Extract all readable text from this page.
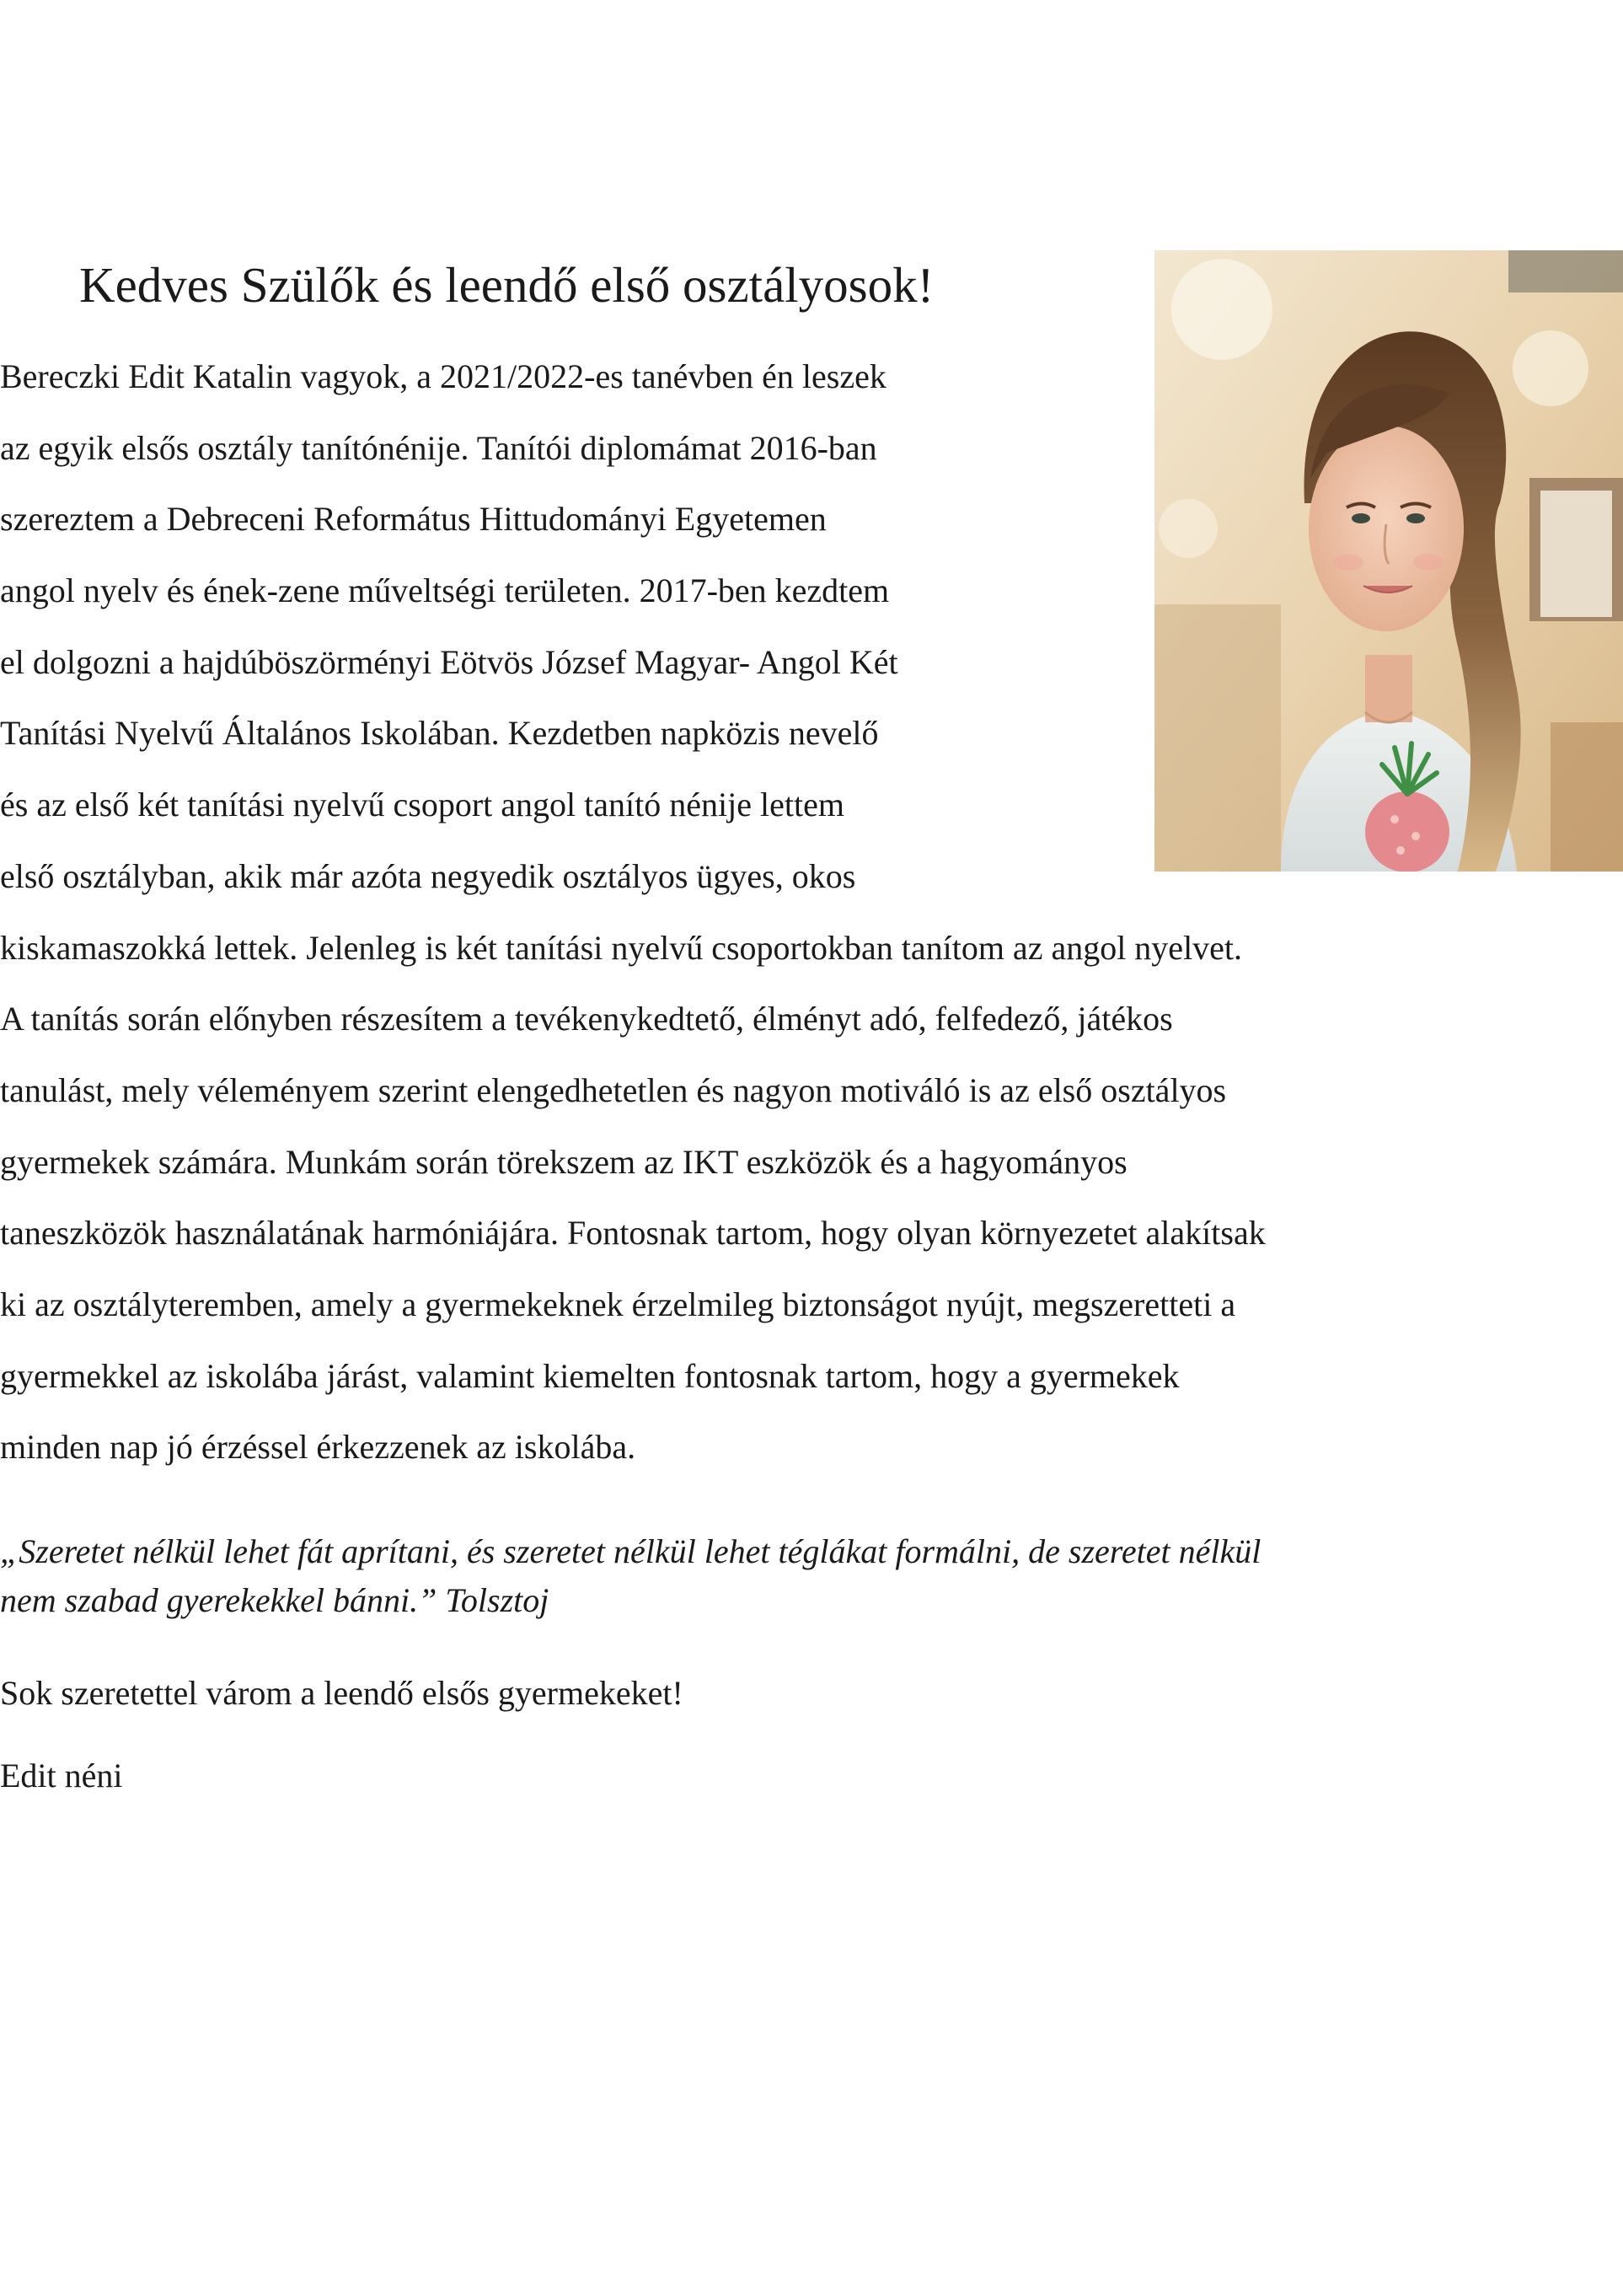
Kedves Szülők és leendő első osztályosok!
Bereczki Edit Katalin vagyok, a 2021/2022-es tanévben én leszek
az egyik elsős osztály tanítónénije. Tanítói diplomámat 2016-ban
szereztem a Debreceni Református Hittudományi Egyetemen
angol nyelv és ének-zene műveltségi területen. 2017-ben kezdtem
el dolgozni a hajdúböszörményi Eötvös József Magyar- Angol Két
Tanítási Nyelvű Általános Iskolában. Kezdetben napközis nevelő
és az első két tanítási nyelvű csoport angol tanító nénije lettem
első osztályban, akik már azóta negyedik osztályos ügyes, okos
kiskamaszokká lettek. Jelenleg is két tanítási nyelvű csoportokban tanítom az angol nyelvet.
A tanítás során előnyben részesítem a tevékenykedtető, élményt adó, felfedező, játékos
tanulást, mely véleményem szerint elengedhetetlen és nagyon motiváló is az első osztályos
gyermekek számára. Munkám során törekszem az IKT eszközök és a hagyományos
taneszközök használatának harmóniájára. Fontosnak tartom, hogy olyan környezetet alakítsak
ki az osztályteremben, amely a gyermekeknek érzelmileg biztonságot nyújt, megszeretteti a
gyermekkel az iskolába járást, valamint kiemelten fontosnak tartom, hogy a gyermekek
minden nap jó érzéssel érkezzenek az iskolába.
„Szeretet nélkül lehet fát aprítani, és szeretet nélkül lehet téglákat formálni, de szeretet nélkül
nem szabad gyerekekkel bánni.” Tolsztoj
Sok szeretettel várom a leendő elsős gyermekeket!
Edit néni
